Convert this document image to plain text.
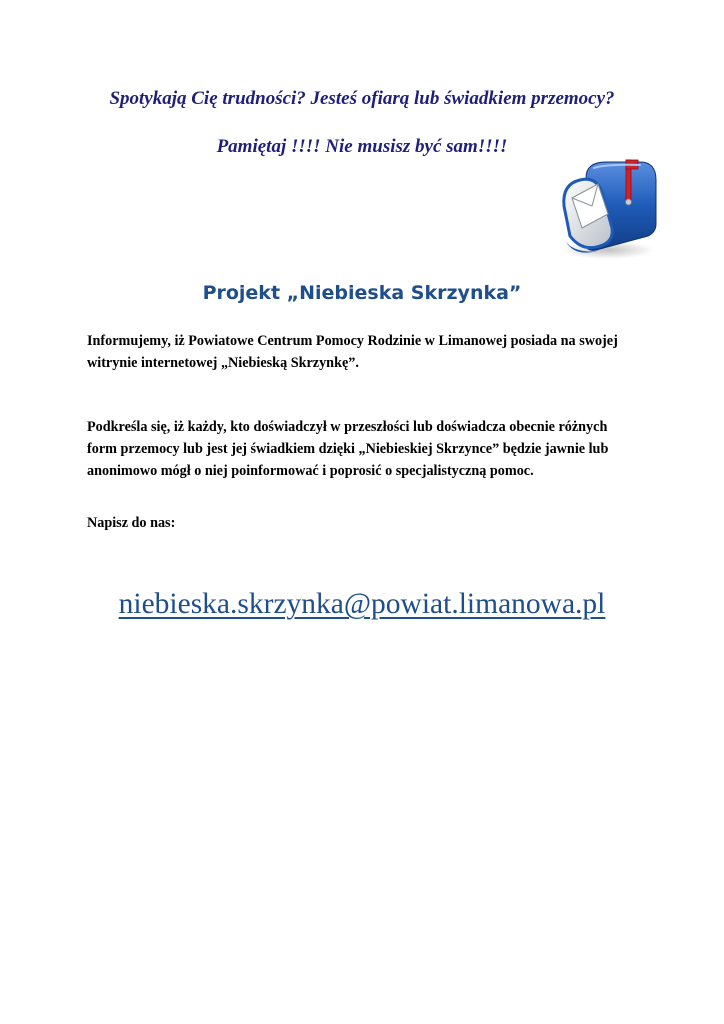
Spotykają Cię trudności? Jesteś ofiarą lub świadkiem przemocy?
Pamiętaj !!!! Nie musisz być sam!!!!
Projekt „Niebieska Skrzynka”
Informujemy, iż Powiatowe Centrum Pomocy Rodzinie w Limanowej posiada na swojej
witrynie internetowej „Niebieską Skrzynkę”.
Podkreśla się, iż każdy, kto doświadczył w przeszłości lub doświadcza obecnie różnych
form przemocy lub jest jej świadkiem dzięki „Niebieskiej Skrzynce” będzie jawnie lub
anonimowo mógł o niej poinformować i poprosić o specjalistyczną pomoc.
Napisz do nas:
niebieska.skrzynka@powiat.limanowa.pl
